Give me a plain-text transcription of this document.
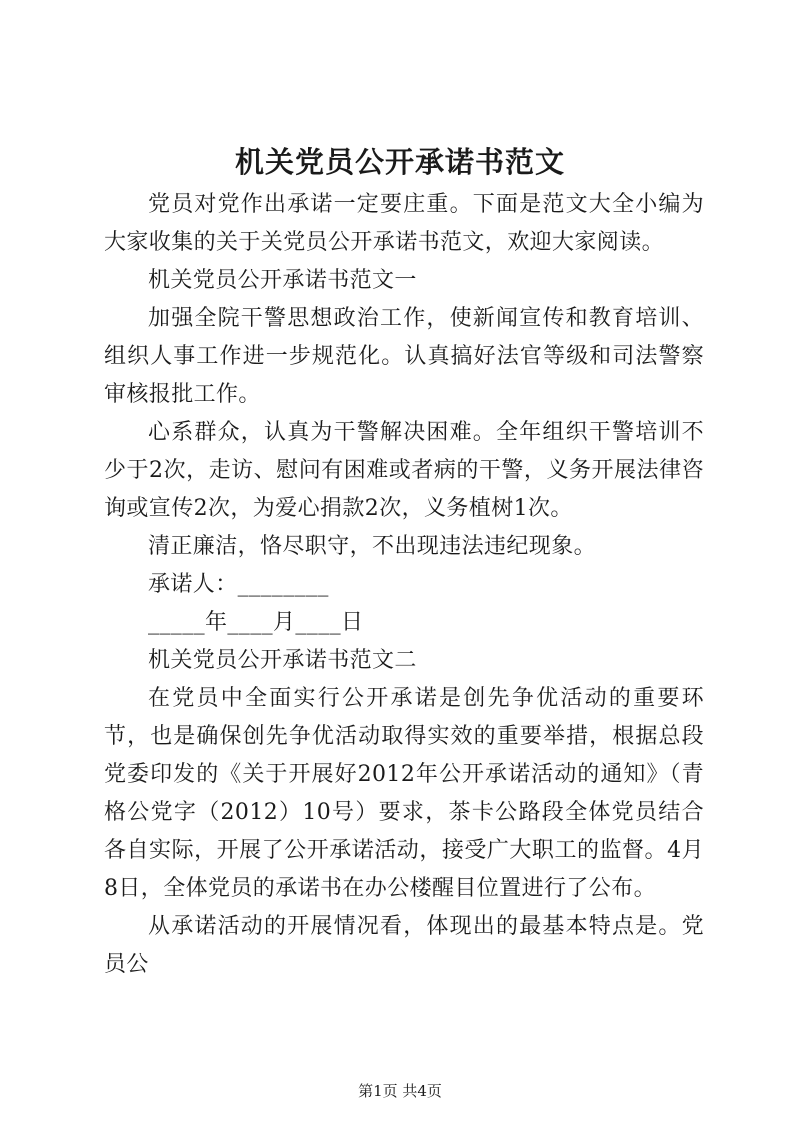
机关党员公开承诺书范文

党员对党作出承诺一定要庄重。下面是范文大全小编为大家收集的关于关党员公开承诺书范文，欢迎大家阅读。

机关党员公开承诺书范文一

加强全院干警思想政治工作，使新闻宣传和教育培训、组织人事工作进一步规范化。认真搞好法官等级和司法警察审核报批工作。

心系群众，认真为干警解决困难。全年组织干警培训不少于2次，走访、慰问有困难或者病的干警，义务开展法律咨询或宣传2次，为爱心捐款2次，义务植树1次。

清正廉洁，恪尽职守，不出现违法违纪现象。

承诺人：________

_____年____月____日

机关党员公开承诺书范文二

在党员中全面实行公开承诺是创先争优活动的重要环节，也是确保创先争优活动取得实效的重要举措，根据总段党委印发的《关于开展好2012年公开承诺活动的通知》（青格公党字（2012）10号）要求，茶卡公路段全体党员结合各自实际，开展了公开承诺活动，接受广大职工的监督。4月8日，全体党员的承诺书在办公楼醒目位置进行了公布。

从承诺活动的开展情况看，体现出的最基本特点是。党员公

第1页 共4页
